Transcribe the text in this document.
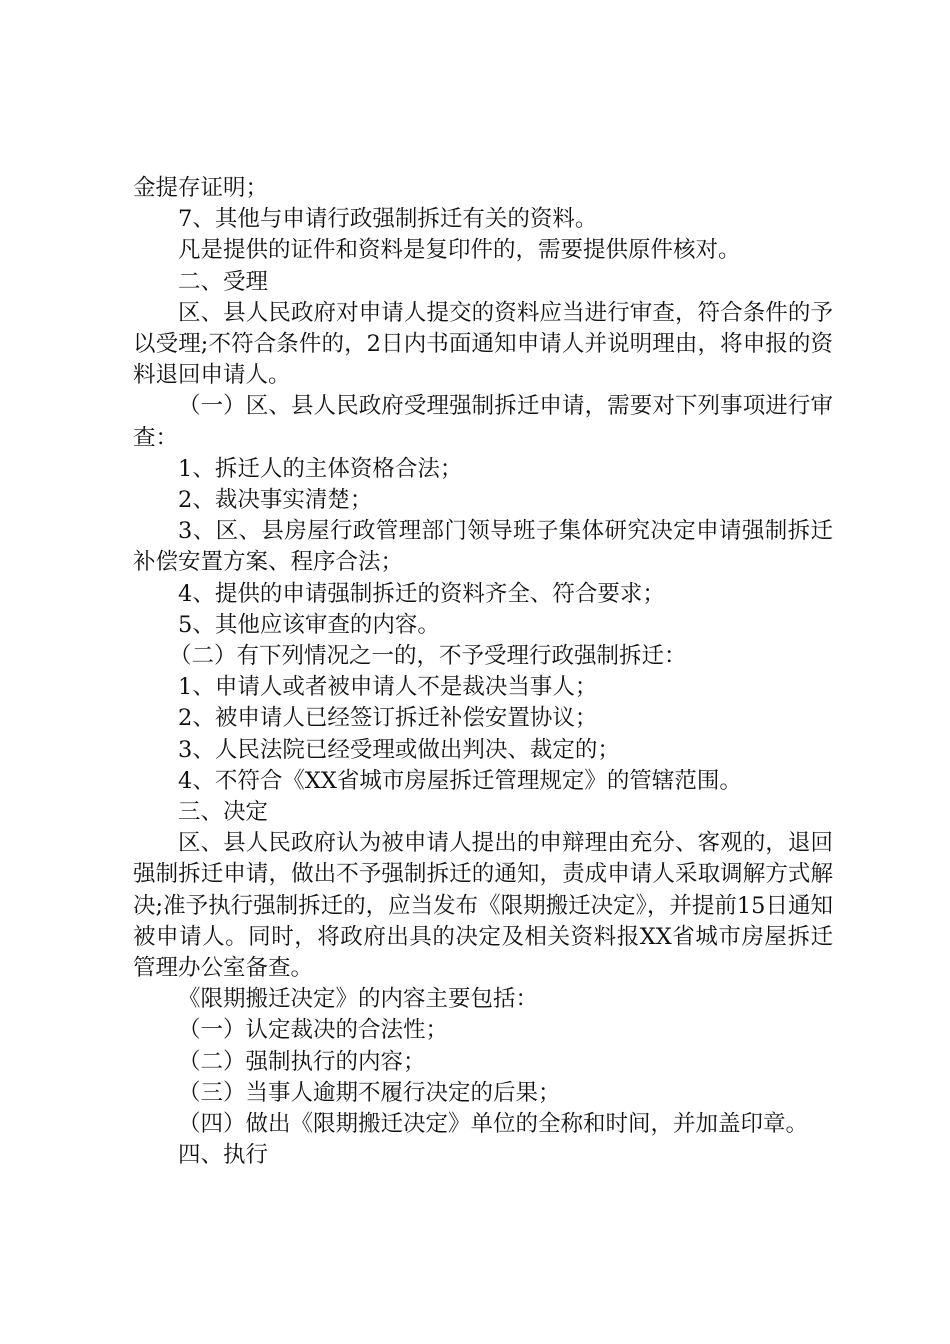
金提存证明；

7、其他与申请行政强制拆迁有关的资料。

凡是提供的证件和资料是复印件的，需要提供原件核对。

二、受理

区、县人民政府对申请人提交的资料应当进行审查，符合条件的予以受理;不符合条件的，2日内书面通知申请人并说明理由，将申报的资料退回申请人。

（一）区、县人民政府受理强制拆迁申请，需要对下列事项进行审查：

1、拆迁人的主体资格合法；

2、裁决事实清楚；

3、区、县房屋行政管理部门领导班子集体研究决定申请强制拆迁补偿安置方案、程序合法；

4、提供的申请强制拆迁的资料齐全、符合要求；

5、其他应该审查的内容。

（二）有下列情况之一的，不予受理行政强制拆迁：

1、申请人或者被申请人不是裁决当事人；

2、被申请人已经签订拆迁补偿安置协议；

3、人民法院已经受理或做出判决、裁定的；

4、不符合《XX省城市房屋拆迁管理规定》的管辖范围。

三、决定

区、县人民政府认为被申请人提出的申辩理由充分、客观的，退回强制拆迁申请，做出不予强制拆迁的通知，责成申请人采取调解方式解决;准予执行强制拆迁的，应当发布《限期搬迁决定》，并提前15日通知被申请人。同时，将政府出具的决定及相关资料报XX省城市房屋拆迁管理办公室备查。

《限期搬迁决定》的内容主要包括：

（一）认定裁决的合法性；

（二）强制执行的内容；

（三）当事人逾期不履行决定的后果；

（四）做出《限期搬迁决定》单位的全称和时间，并加盖印章。

四、执行
